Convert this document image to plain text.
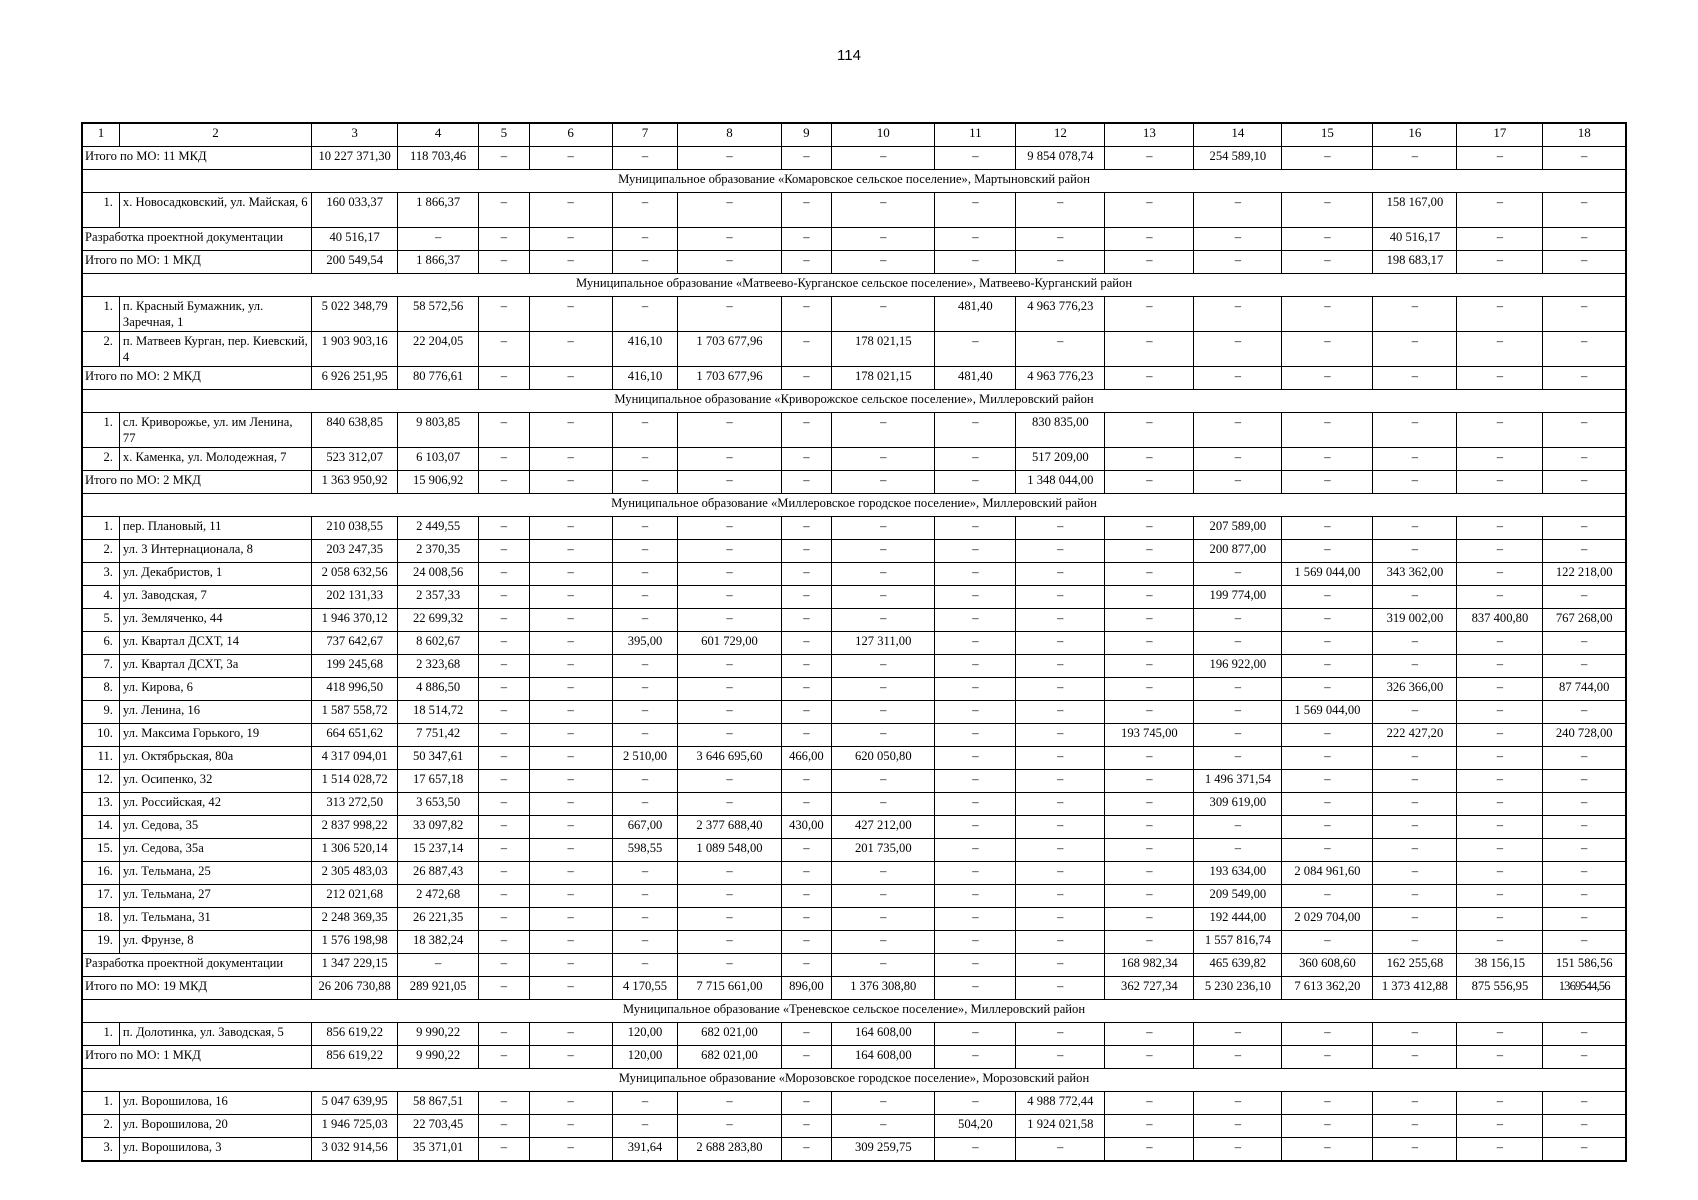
114
1	2	3	4	5	6	7	8	9	10	11	12	13	14	15	16	17	18
Итого по МО: 11 МКД		10 227 371,30	118 703,46	–	–	–	–	–	–	–	9 854 078,74	–	254 589,10	–	–	–	–
Муниципальное образование «Комаровское сельское поселение», Мартыновский район																	
1.	х. Новосадковский, ул. Майская, 6	160 033,37	1 866,37	–	–	–	–	–	–	–	–	–	–	–	158 167,00	–	–
Разработка проектной документации		40 516,17	–	–	–	–	–	–	–	–	–	–	–	–	40 516,17	–	–
Итого по МО: 1 МКД		200 549,54	1 866,37	–	–	–	–	–	–	–	–	–	–	–	198 683,17	–	–
Муниципальное образование «Матвеево-Курганское сельское поселение», Матвеево-Курганский район																	
1.	п. Красный Бумажник, ул. Заречная, 1	5 022 348,79	58 572,56	–	–	–	–	–	–	481,40	4 963 776,23	–	–	–	–	–	–
2.	п. Матвеев Курган, пер. Киевский, 4	1 903 903,16	22 204,05	–	–	416,10	1 703 677,96	–	178 021,15	–	–	–	–	–	–	–	–
Итого по МО: 2 МКД		6 926 251,95	80 776,61	–	–	416,10	1 703 677,96	–	178 021,15	481,40	4 963 776,23	–	–	–	–	–	–
Муниципальное образование «Криворожское сельское поселение», Миллеровский район																	
1.	сл. Криворожье, ул. им Ленина, 77	840 638,85	9 803,85	–	–	–	–	–	–	–	830 835,00	–	–	–	–	–	–
2.	х. Каменка, ул. Молодежная, 7	523 312,07	6 103,07	–	–	–	–	–	–	–	517 209,00	–	–	–	–	–	–
Итого по МО: 2 МКД		1 363 950,92	15 906,92	–	–	–	–	–	–	–	1 348 044,00	–	–	–	–	–	–
Муниципальное образование «Миллеровское городское поселение», Миллеровский район																	
1.	пер. Плановый, 11	210 038,55	2 449,55	–	–	–	–	–	–	–	–	–	207 589,00	–	–	–	–
2.	ул. 3 Интернационала, 8	203 247,35	2 370,35	–	–	–	–	–	–	–	–	–	200 877,00	–	–	–	–
3.	ул. Декабристов, 1	2 058 632,56	24 008,56	–	–	–	–	–	–	–	–	–	–	1 569 044,00	343 362,00	–	122 218,00
4.	ул. Заводская, 7	202 131,33	2 357,33	–	–	–	–	–	–	–	–	–	199 774,00	–	–	–	–
5.	ул. Земляченко, 44	1 946 370,12	22 699,32	–	–	–	–	–	–	–	–	–	–	–	319 002,00	837 400,80	767 268,00
6.	ул. Квартал ДСХТ, 14	737 642,67	8 602,67	–	–	395,00	601 729,00	–	127 311,00	–	–	–	–	–	–	–	–
7.	ул. Квартал ДСХТ, 3а	199 245,68	2 323,68	–	–	–	–	–	–	–	–	–	196 922,00	–	–	–	–
8.	ул. Кирова, 6	418 996,50	4 886,50	–	–	–	–	–	–	–	–	–	–	–	326 366,00	–	87 744,00
9.	ул. Ленина, 16	1 587 558,72	18 514,72	–	–	–	–	–	–	–	–	–	–	1 569 044,00	–	–	–
10.	ул. Максима Горького, 19	664 651,62	7 751,42	–	–	–	–	–	–	–	–	193 745,00	–	–	222 427,20	–	240 728,00
11.	ул. Октябрьская, 80а	4 317 094,01	50 347,61	–	–	2 510,00	3 646 695,60	466,00	620 050,80	–	–	–	–	–	–	–	–
12.	ул. Осипенко, 32	1 514 028,72	17 657,18	–	–	–	–	–	–	–	–	–	1 496 371,54	–	–	–	–
13.	ул. Российская, 42	313 272,50	3 653,50	–	–	–	–	–	–	–	–	–	309 619,00	–	–	–	–
14.	ул. Седова, 35	2 837 998,22	33 097,82	–	–	667,00	2 377 688,40	430,00	427 212,00	–	–	–	–	–	–	–	–
15.	ул. Седова, 35а	1 306 520,14	15 237,14	–	–	598,55	1 089 548,00	–	201 735,00	–	–	–	–	–	–	–	–
16.	ул. Тельмана, 25	2 305 483,03	26 887,43	–	–	–	–	–	–	–	–	–	193 634,00	2 084 961,60	–	–	–
17.	ул. Тельмана, 27	212 021,68	2 472,68	–	–	–	–	–	–	–	–	–	209 549,00	–	–	–	–
18.	ул. Тельмана, 31	2 248 369,35	26 221,35	–	–	–	–	–	–	–	–	–	192 444,00	2 029 704,00	–	–	–
19.	ул. Фрунзе, 8	1 576 198,98	18 382,24	–	–	–	–	–	–	–	–	–	1 557 816,74	–	–	–	–
Разработка проектной документации		1 347 229,15	–	–	–	–	–	–	–	–	–	168 982,34	465 639,82	360 608,60	162 255,68	38 156,15	151 586,56
Итого по МО: 19 МКД		26 206 730,88	289 921,05	–	–	4 170,55	7 715 661,00	896,00	1 376 308,80	–	–	362 727,34	5 230 236,10	7 613 362,20	1 373 412,88	875 556,95	1369544,56
Муниципальное образование «Треневское сельское поселение», Миллеровский район																	
1.	п. Долотинка, ул. Заводская, 5	856 619,22	9 990,22	–	–	120,00	682 021,00	–	164 608,00	–	–	–	–	–	–	–	–
Итого по МО: 1 МКД		856 619,22	9 990,22	–	–	120,00	682 021,00	–	164 608,00	–	–	–	–	–	–	–	–
Муниципальное образование «Морозовское городское поселение», Морозовский район																	
1.	ул. Ворошилова, 16	5 047 639,95	58 867,51	–	–	–	–	–	–	–	4 988 772,44	–	–	–	–	–	–
2.	ул. Ворошилова, 20	1 946 725,03	22 703,45	–	–	–	–	–	–	504,20	1 924 021,58	–	–	–	–	–	–
3.	ул. Ворошилова, 3	3 032 914,56	35 371,01	–	–	391,64	2 688 283,80	–	309 259,75	–	–	–	–	–	–	–	–
